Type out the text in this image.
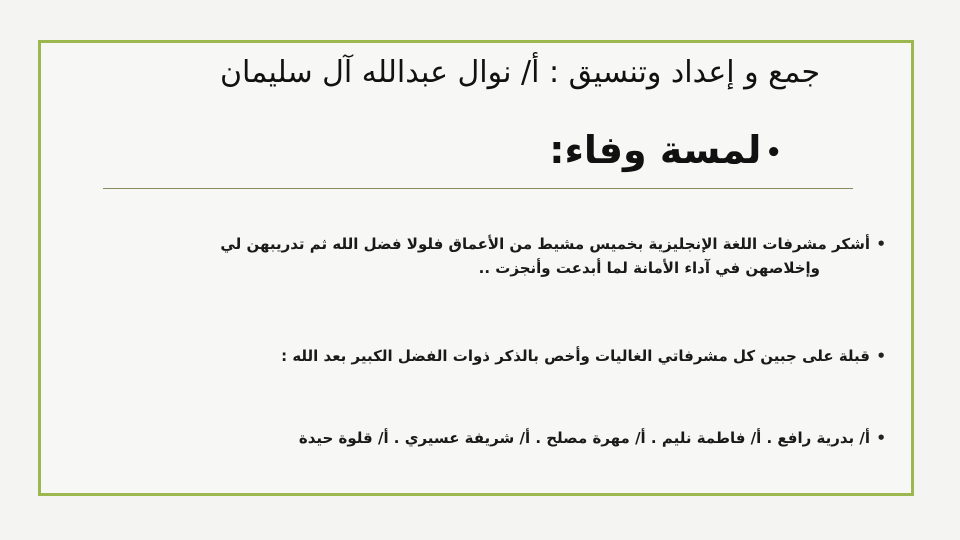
جمع و إعداد وتنسيق : أ/ نوال عبدالله آل سليمان
•لمسة وفاء:
•
أشكر مشرفات اللغة الإنجليزية بخميس مشيط من الأعماق فلولا فضل الله ثم تدريبهن لي
وإخلاصهن في آداء الأمانة لما أبدعت وأنجزت ..
•
قبلة على جبين كل مشرفاتي الغاليات وأخص بالذكر ذوات الفضل الكبير بعد الله :
•
أ/ بدرية رافع . أ/ فاطمة نليم . أ/ مهرة مصلح . أ/ شريفة عسيري . أ/ قلوة حيدة
